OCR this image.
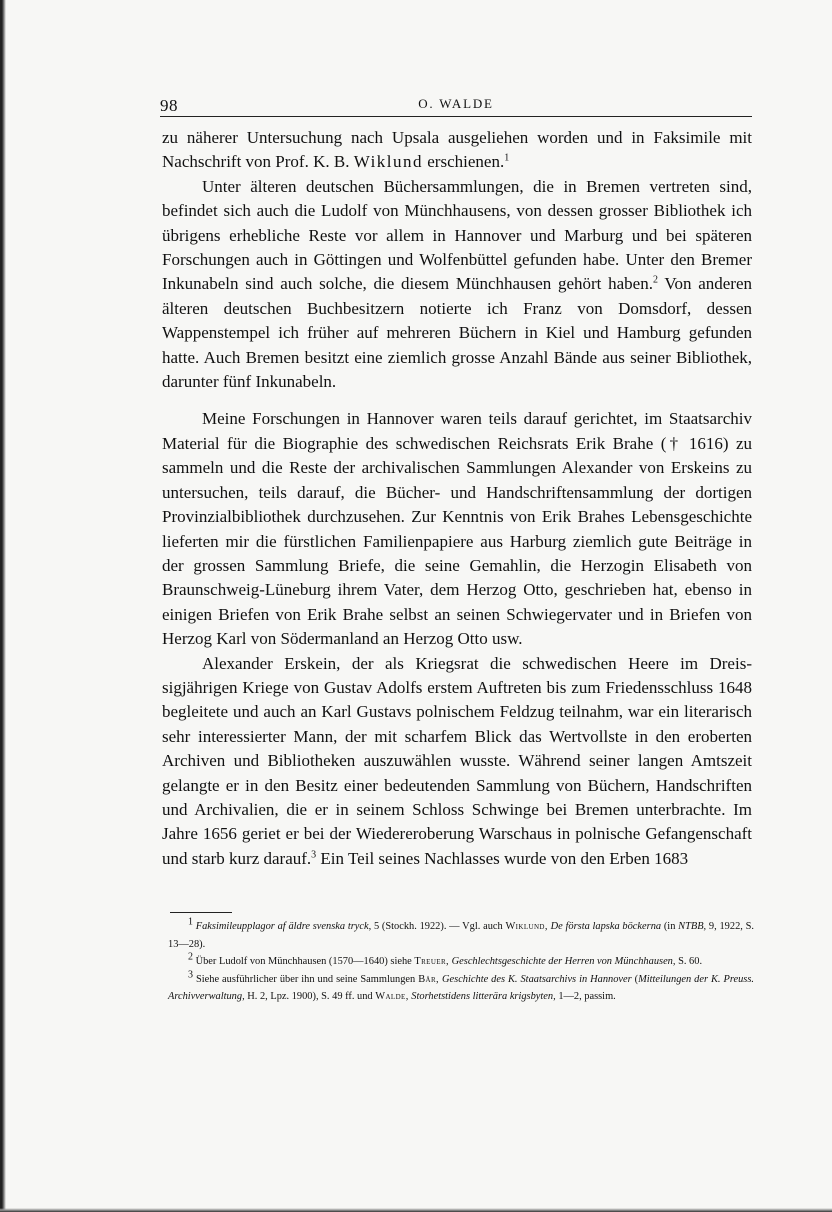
98	O. WALDE

zu näherer Untersuchung nach Upsala ausgeliehen worden und in Faksimile mit Nachschrift von Prof. K. B. Wiklund erschienen.$^1$

Unter älteren deutschen Büchersammlungen, die in Bremen vertreten sind, befindet sich auch die Ludolf von Münchhausens, von dessen grosser Bibliothek ich übrigens erhebliche Reste vor allem in Hannover und Marburg und bei späteren Forschungen auch in Göttingen und Wolfenbüttel gefunden habe. Unter den Bremer Inkunabeln sind auch solche, die diesem Münchhausen gehört haben.$^2$ Von anderen älteren deutschen Buchbesitzern notierte ich Franz von Domsdorf, dessen Wappenstempel ich früher auf mehreren Büchern in Kiel und Hamburg gefunden hatte. Auch Bremen besitzt eine ziemlich grosse Anzahl Bände aus seiner Bibliothek, darunter fünf Inkunabeln.

Meine Forschungen in Hannover waren teils darauf gerichtet, im Staatsarchiv Material für die Biographie des schwedischen Reichsrats Erik Brahe († 1616) zu sammeln und die Reste der archivalischen Sammlungen Alexander von Erskeins zu untersuchen, teils darauf, die Bücher- und Handschriftensammlung der dortigen Provinzialbibliothek durchzusehen. Zur Kenntnis von Erik Brahes Lebensgeschichte lieferten mir die fürstlichen Familienpapiere aus Harburg ziemlich gute Beiträge in der grossen Sammlung Briefe, die seine Gemahlin, die Herzogin Elisabeth von Braunschweig-Lüneburg ihrem Vater, dem Herzog Otto, geschrieben hat, ebenso in einigen Briefen von Erik Brahe selbst an seinen Schwiegervater und in Briefen von Herzog Karl von Södermanland an Herzog Otto usw.

Alexander Erskein, der als Kriegsrat die schwedischen Heere im Dreissigjährigen Kriege von Gustav Adolfs erstem Auftreten bis zum Friedensschluss 1648 begleitete und auch an Karl Gustavs polnischem Feldzug teilnahm, war ein literarisch sehr interessierter Mann, der mit scharfem Blick das Wertvollste in den eroberten Archiven und Bibliotheken auszuwählen wusste. Während seiner langen Amtszeit gelangte er in den Besitz einer bedeutenden Sammlung von Büchern, Handschriften und Archivalien, die er in seinem Schloss Schwinge bei Bremen unterbrachte. Im Jahre 1656 geriet er bei der Wiedereroberung Warschaus in polnische Gefangenschaft und starb kurz darauf.$^3$ Ein Teil seines Nachlasses wurde von den Erben 1683

$^1$ Faksimileupplagor af äldre svenska tryck, 5 (Stockh. 1922). — Vgl. auch Wiklund, De första lapska böckerna (in NTBB, 9, 1922, S. 13—28).

$^2$ Über Ludolf von Münchhausen (1570—1640) siehe Treuer, Geschlechtsgeschichte der Herren von Münchhausen, S. 60.

$^3$ Siehe ausführlicher über ihn und seine Sammlungen Bär, Geschichte des K. Staatsarchivs in Hannover (Mitteilungen der K. Preuss. Archivverwaltung, H. 2, Lpz. 1900), S. 49 ff. und Walde, Storhetstidens litterära krigsbyten, 1—2, passim.
